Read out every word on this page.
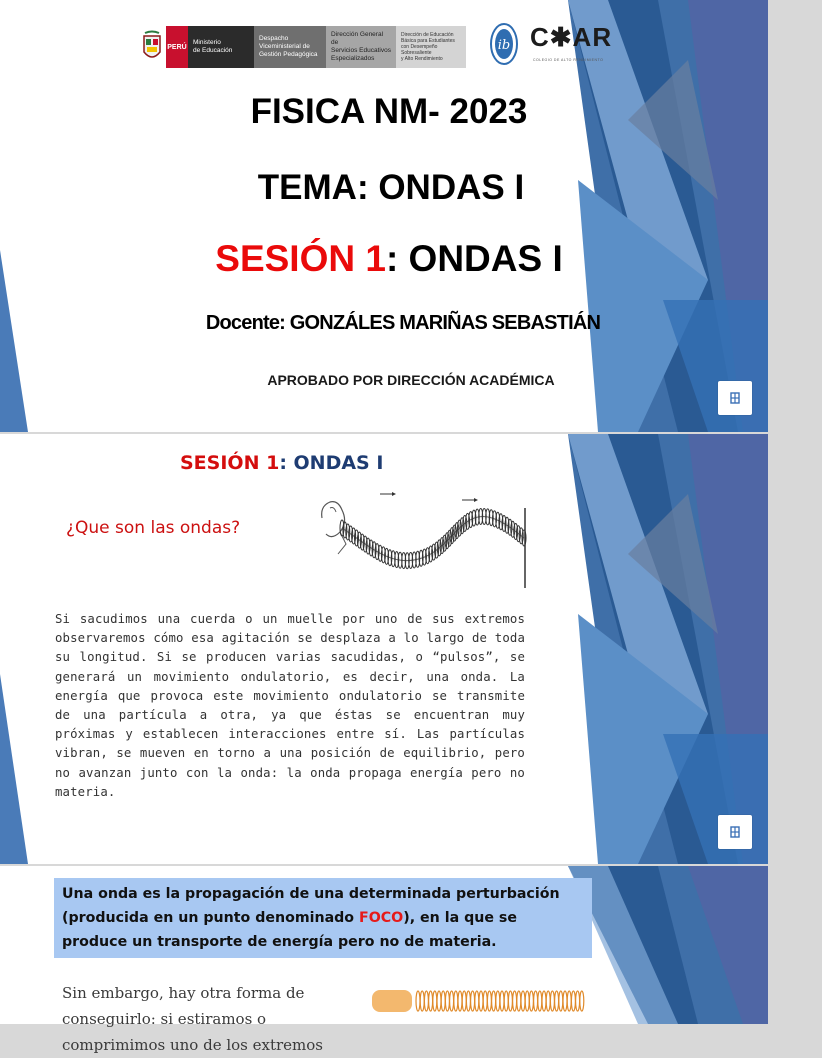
PERÚ
Ministerio
de Educación
Despacho
Viceministerial de
Gestión Pedagógica
Dirección General de
Servicios Educativos
Especializados
Dirección de Educación
Básica para Estudiantes
con Desempeño Sobresaliente
y Alto Rendimiento
ib C✱AR
COLEGIO DE ALTO RENDIMIENTO
FISICA NM- 2023
TEMA: ONDAS I
SESIÓN 1: ONDAS I
Docente: GONZÁLES MARIÑAS SEBASTIÁN
APROBADO POR DIRECCIÓN ACADÉMICA
SESIÓN 1: ONDAS I
¿Que son las ondas?
Si sacudimos una cuerda o un muelle por uno de sus extremos observaremos cómo esa agitación se desplaza a lo largo de toda su longitud. Si se producen varias sacudidas, o “pulsos”, se generará un movimiento ondulatorio, es decir, una onda. La energía que provoca este movimiento ondulatorio se transmite de una partícula a otra, ya que éstas se encuentran muy próximas y establecen interacciones entre sí. Las partículas vibran, se mueven en torno a una posición de equilibrio, pero no avanzan junto con la onda: la onda propaga energía pero no materia.
Una onda es la propagación de una determinada perturbación (producida en un punto denominado FOCO), en la que se produce un transporte de energía pero no de materia.
Sin embargo, hay otra forma de conseguirlo: si estiramos o comprimimos uno de los extremos
